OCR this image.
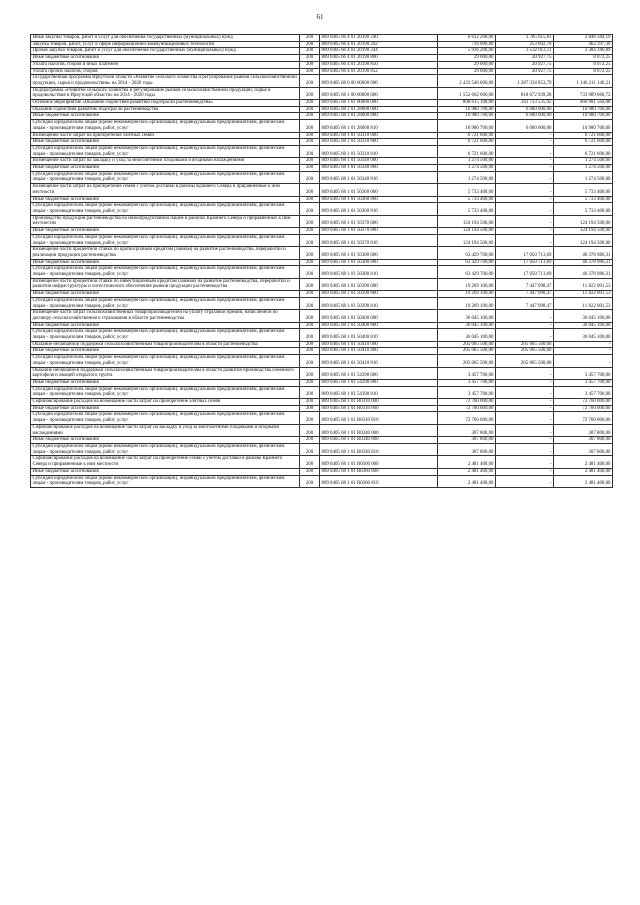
61
Иные закупки товаров, работ и услуг для обеспечения государственных (муниципальных) нужд	200	809 0405 66 4 01 20190 240	6 632 200,00	3 785 615,81	2 846 584,19
Закупка товаров, работ, услуг в сфере информационно-коммуникационных технологий	200	809 0405 66 4 01 20190 242	716 000,00	253 602,70	462 397,30
Прочая закупка товаров, работ и услуг для обеспечения государственных (муниципальных) нужд	200	809 0405 66 4 01 20190 244	5 916 200,00	3 532 013,11	2 384 186,89
Иные бюджетные ассигнования	200	809 0405 66 4 01 20190 800	29 000,00	20 927,75	8 072,25
Уплата налогов, сборов и иных платежей	200	809 0405 66 4 01 20190 850	29 000,00	20 927,75	8 072,25
Уплата прочих налогов, сборов	200	809 0405 66 4 01 20190 852	29 000,00	20 927,75	8 072,25
Государственная программа Иркутской области «Развитие сельского хозяйства и регулирование рынков сельскохозяйственной продукции, сырья и продовольствия» на 2014 - 2020 годы	200	809 0405 68 0 00 00000 000	2 433 546 000,00	1 287 334 853,79	1 146 211 146,21
Подпрограмма «Развитие сельского хозяйства и регулирование рынков сельскохозяйственной продукции, сырья и продовольствия в Иркутской области» на 2014 - 2020 годы	200	809 0405 68 1 00 00000 000	1 552 662 600,00	818 672 939,28	733 989 660,72
Основное мероприятие «Оказание содействия развитию подотрасли растениеводства»	200	809 0405 68 1 01 00000 000	808 615 100,00	341 713 535,92	466 901 564,08
Оказание содействия развитию подотрасли растениеводства	200	809 0405 68 1 01 28000 000	16 980 700,00	6 000 000,00	10 980 700,00
Иные бюджетные ассигнования	200	809 0405 68 1 01 28000 800	16 980 700,00	6 000 000,00	10 980 700,00
Субсидии юридическим лицам (кроме некоммерческих организаций), индивидуальным предпринимателям, физическим лицам - производителям товаров, работ, услуг	200	809 0405 68 1 01 28000 810	16 980 700,00	6 000 000,00	10 980 700,00
Возмещение части затрат на приобретение элитных семян	200	809 0405 68 1 01 50310 000	6 721 600,00	-	6 721 600,00
Иные бюджетные ассигнования	200	809 0405 68 1 01 50310 800	6 721 600,00	-	6 721 600,00
Субсидии юридическим лицам (кроме некоммерческих организаций), индивидуальным предпринимателям, физическим лицам - производителям товаров, работ, услуг	200	809 0405 68 1 01 50310 810	6 721 600,00	-	6 721 600,00
Возмещение части затрат на закладку и уход за многолетними плодовыми и ягодными насаждениями	200	809 0405 68 1 01 50340 000	1 274 500,00	-	1 274 500,00
Иные бюджетные ассигнования	200	809 0405 68 1 01 50340 800	1 274 500,00	-	1 274 500,00
Субсидии юридическим лицам (кроме некоммерческих организаций), индивидуальным предпринимателям, физическим лицам - производителям товаров, работ, услуг	200	809 0405 68 1 01 50340 810	1 274 500,00	-	1 274 500,00
Возмещение части затрат на приобретение семян с учетом доставки в районы Крайнего Севера и приравненные к ним местности	200	809 0405 68 1 01 50360 000	5 733 400,00	-	5 733 400,00
Иные бюджетные ассигнования	200	809 0405 68 1 01 50360 800	5 733 400,00	-	5 733 400,00
Субсидии юридическим лицам (кроме некоммерческих организаций), индивидуальным предпринимателям, физическим лицам - производителям товаров, работ, услуг	200	809 0405 68 1 01 50360 810	5 733 400,00	-	5 733 400,00
Производство продукции растениеводства на низкопродуктивной пашне в районах Крайнего Севера и приравненных к ним местностях	200	809 0405 68 1 01 50370 000	124 194 500,00	-	124 194 500,00
Иные бюджетные ассигнования	200	809 0405 68 1 01 50370 800	124 194 500,00	-	124 194 500,00
Субсидии юридическим лицам (кроме некоммерческих организаций), индивидуальным предпринимателям, физическим лицам - производителям товаров, работ, услуг	200	809 0405 68 1 01 50370 810	124 194 500,00	-	124 194 500,00
Возмещение части процентной ставки по краткосрочным кредитам (займам) на развитие растениеводства, переработки и реализации продукции растениеводства	200	809 0405 68 1 01 50380 000	63 429 700,00	17 050 713,69	46 378 986,31
Иные бюджетные ассигнования	200	809 0405 68 1 01 50380 800	63 429 700,00	17 050 713,69	46 378 986,31
Субсидии юридическим лицам (кроме некоммерческих организаций), индивидуальным предпринимателям, физическим лицам - производителям товаров, работ, услуг	200	809 0405 68 1 01 50380 810	63 429 700,00	17 050 713,69	46 378 986,31
Возмещение части процентной ставки по инвестиционным кредитам (займам) на развитие растениеводства, переработки и развития инфраструктуры и логистического обеспечения рынков продукции растениеводства	200	809 0405 68 1 01 50390 000	19 269 100,00	7 447 098,47	11 822 001,53
Иные бюджетные ассигнования	200	809 0405 68 1 01 50390 800	19 269 100,00	7 447 098,47	11 822 001,53
Субсидии юридическим лицам (кроме некоммерческих организаций), индивидуальным предпринимателям, физическим лицам - производителям товаров, работ, услуг	200	809 0405 68 1 01 50390 810	19 269 100,00	7 447 098,47	11 822 001,53
Возмещение части затрат сельскохозяйственных товаропроизводителей на уплату страховой премии, начисленной по договору сельскохозяйственного страхования в области растениеводства	200	809 0405 68 1 01 50400 000	36 045 100,00	-	36 045 100,00
Иные бюджетные ассигнования	200	809 0405 68 1 01 50400 800	36 045 100,00	-	36 045 100,00
Субсидии юридическим лицам (кроме некоммерческих организаций), индивидуальным предпринимателям, физическим лицам - производителям товаров, работ, услуг	200	809 0405 68 1 01 50400 810	36 045 100,00	-	36 045 100,00
Оказание несвязанной поддержки сельскохозяйственным товаропроизводителям в области растениеводства	200	809 0405 68 1 01 50410 000	205 065 500,00	205 065 500,00	-
Иные бюджетные ассигнования	200	809 0405 68 1 01 50410 800	205 065 500,00	205 065 500,00	-
Субсидии юридическим лицам (кроме некоммерческих организаций), индивидуальным предпринимателям, физическим лицам - производителям товаров, работ, услуг	200	809 0405 68 1 01 50410 810	205 065 500,00	205 065 500,00	-
Оказание несвязанной поддержки сельскохозяйственным товаропроизводителям в области развития производства семенного картофеля и овощей открытого грунта	200	809 0405 68 1 01 54390 000	3 457 700,00	-	3 457 700,00
Иные бюджетные ассигнования	200	809 0405 68 1 01 54390 800	3 457 700,00	-	3 457 700,00
Субсидии юридическим лицам (кроме некоммерческих организаций), индивидуальным предпринимателям, физическим лицам - производителям товаров, работ, услуг	200	809 0405 68 1 01 54390 810	3 457 700,00	-	3 457 700,00
Софинансирование расходов на возмещение части затрат на приобретение элитных семян	200	809 0405 68 1 01 R0310 000	72 760 000,00	-	72 760 000,00
Иные бюджетные ассигнования	200	809 0405 68 1 01 R0310 800	72 760 000,00	-	72 760 000,00
Субсидии юридическим лицам (кроме некоммерческих организаций), индивидуальным предпринимателям, физическим лицам - производителям товаров, работ, услуг	200	809 0405 68 1 01 R0310 810	72 760 000,00	-	72 760 000,00
Софинансирование расходов на возмещение части затрат на закладку и уход за многолетними плодовыми и ягодными насаждениями	200	809 0405 68 1 01 R0340 000	307 800,00	-	307 800,00
Иные бюджетные ассигнования	200	809 0405 68 1 01 R0340 800	307 800,00	-	307 800,00
Субсидии юридическим лицам (кроме некоммерческих организаций), индивидуальным предпринимателям, физическим лицам - производителям товаров, работ, услуг	200	809 0405 68 1 01 R0340 810	307 800,00	-	307 800,00
Софинансирование расходов на возмещение части затрат на приобретение семян с учетом доставки в районы Крайнего Севера и приравненные к ним местности	200	809 0405 68 1 01 R0360 000	2 481 400,00	-	2 481 400,00
Иные бюджетные ассигнования	200	809 0405 68 1 01 R0360 800	2 481 400,00	-	2 481 400,00
Субсидии юридическим лицам (кроме некоммерческих организаций), индивидуальным предпринимателям, физическим лицам - производителям товаров, работ, услуг	200	809 0405 68 1 01 R0360 810	2 481 400,00	-	2 481 400,00
